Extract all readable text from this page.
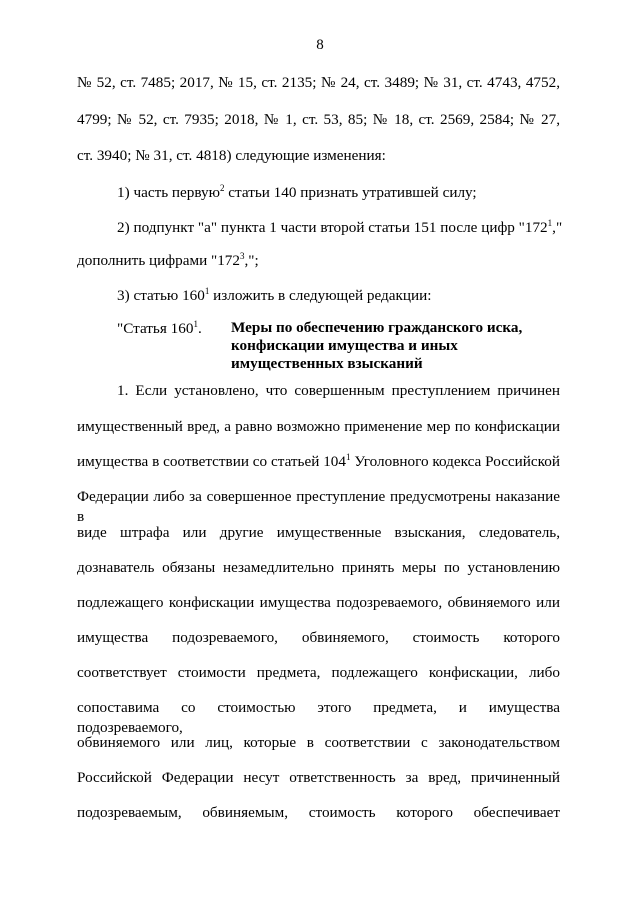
8
№ 52, ст. 7485; 2017, № 15, ст. 2135; № 24, ст. 3489; № 31, ст. 4743, 4752,
4799; № 52, ст. 7935; 2018, № 1, ст. 53, 85; № 18, ст. 2569, 2584; № 27,
ст. 3940; № 31, ст. 4818) следующие изменения:
1) часть первую$^2$ статьи 140 признать утратившей силу;
2) подпункт "а" пункта 1 части второй статьи 151 после цифр "$172^1$,"
дополнить цифрами "$172^3$,";
3) статью $160^1$ изложить в следующей редакции:
"Статья $160^1$. Меры по обеспечению гражданского иска,
конфискации имущества и иных
имущественных взысканий
1. Если установлено, что совершенным преступлением причинен
имущественный вред, а равно возможно применение мер по конфискации
имущества в соответствии со статьей $104^1$ Уголовного кодекса Российской
Федерации либо за совершенное преступление предусмотрены наказание в
виде штрафа или другие имущественные взыскания, следователь,
дознаватель обязаны незамедлительно принять меры по установлению
подлежащего конфискации имущества подозреваемого, обвиняемого или
имущества подозреваемого, обвиняемого, стоимость которого
соответствует стоимости предмета, подлежащего конфискации, либо
сопоставима со стоимостью этого предмета, и имущества подозреваемого,
обвиняемого или лиц, которые в соответствии с законодательством
Российской Федерации несут ответственность за вред, причиненный
подозреваемым, обвиняемым, стоимость которого обеспечивает
